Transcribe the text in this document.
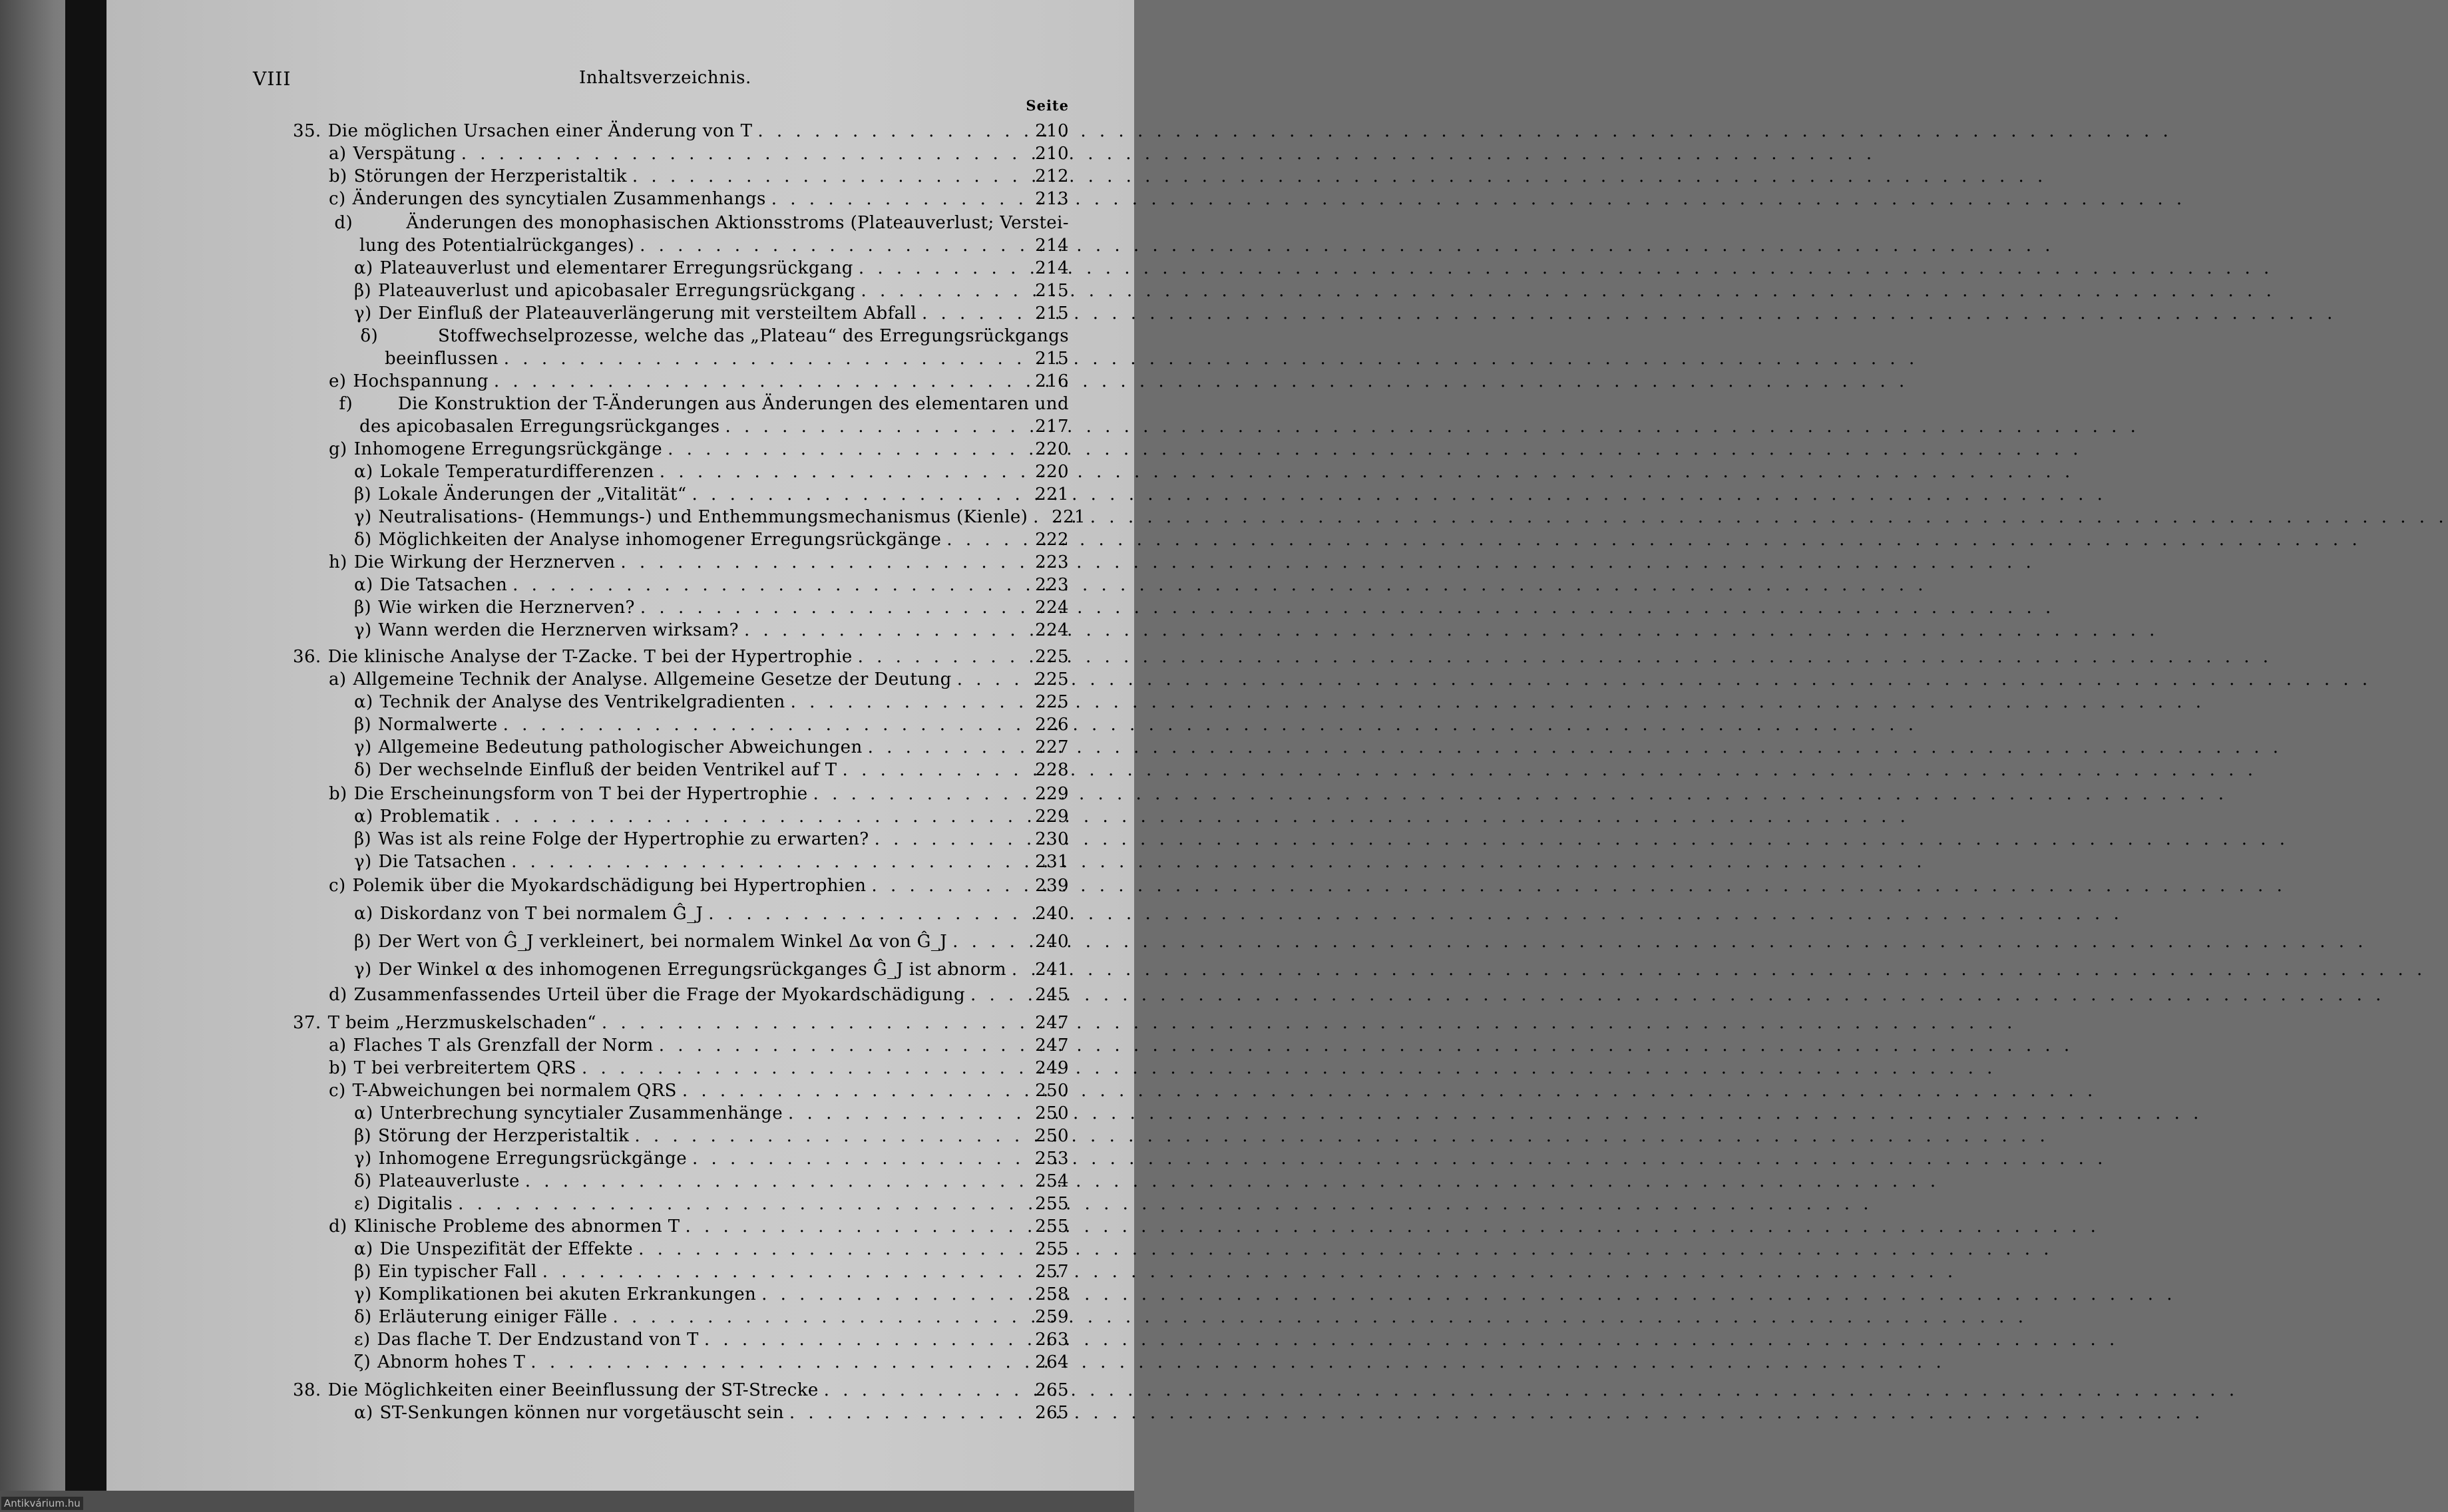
VIII	Inhaltsverzeichnis.
Seite
35. Die möglichen Ursachen einer Änderung von T . . .	210
a) Verspätung . . .	210
b) Störungen der Herzperistaltik . . .	212
c) Änderungen des syncytialen Zusammenhangs . . .	213
d)	Änderungen des monophasischen Aktionsstroms (Plateauverlust; Verstei-
lung des Potentialrückganges) . . .	214
α) Plateauverlust und elementarer Erregungsrückgang . . .	214
β) Plateauverlust und apicobasaler Erregungsrückgang . . .	215
γ) Der Einfluß der Plateauverlängerung mit versteiltem Abfall . . .	215
δ)	Stoffwechselprozesse, welche das „Plateau“ des Erregungsrückgangs
beeinflussen . . .	215
e) Hochspannung . . .	216
f)	Die Konstruktion der T-Änderungen aus Änderungen des elementaren und
des apicobasalen Erregungsrückganges . . .	217
g) Inhomogene Erregungsrückgänge . . .	220
α) Lokale Temperaturdifferenzen . . .	220
β) Lokale Änderungen der „Vitalität“ . . .	221
γ) Neutralisations- (Hemmungs-) und Enthemmungsmechanismus (Kienle) . . . 221
δ) Möglichkeiten der Analyse inhomogener Erregungsrückgänge . . .	222
h) Die Wirkung der Herznerven . . .	223
α) Die Tatsachen . . .	223
β) Wie wirken die Herznerven? . . .	224
γ) Wann werden die Herznerven wirksam? . . .	224
36. Die klinische Analyse der T-Zacke. T bei der Hypertrophie . . .	225
a) Allgemeine Technik der Analyse. Allgemeine Gesetze der Deutung . . .	225
α) Technik der Analyse des Ventrikelgradienten . . .	225
β) Normalwerte . . .	226
γ) Allgemeine Bedeutung pathologischer Abweichungen . . .	227
δ) Der wechselnde Einfluß der beiden Ventrikel auf T . . .	228
b) Die Erscheinungsform von T bei der Hypertrophie . . .	229
α) Problematik . . .	229
β) Was ist als reine Folge der Hypertrophie zu erwarten? . . .	230
γ) Die Tatsachen . . .	231
c) Polemik über die Myokardschädigung bei Hypertrophien . . .	239
α) Diskordanz von T bei normalem Ĝ_J . . .	240
β) Der Wert von Ĝ_J verkleinert, bei normalem Winkel Δα von Ĝ_J . . .	240
γ) Der Winkel α des inhomogenen Erregungsrückganges Ĝ_J ist abnorm . . . 241
d) Zusammenfassendes Urteil über die Frage der Myokardschädigung . . .	245
37. T beim „Herzmuskelschaden“ . . .	247
a) Flaches T als Grenzfall der Norm . . .	247
b) T bei verbreitertem QRS . . .	249
c) T-Abweichungen bei normalem QRS . . .	250
α) Unterbrechung syncytialer Zusammenhänge . . .	250
β) Störung der Herzperistaltik . . .	250
γ) Inhomogene Erregungsrückgänge . . .	253
δ) Plateauverluste . . .	254
ε) Digitalis . . .	255
d) Klinische Probleme des abnormen T . . .	255
α) Die Unspezifität der Effekte . . .	255
β) Ein typischer Fall . . .	257
γ) Komplikationen bei akuten Erkrankungen . . .	258
δ) Erläuterung einiger Fälle . . .	259
ε) Das flache T. Der Endzustand von T . . .	263
ζ) Abnorm hohes T . . .	264
38. Die Möglichkeiten einer Beeinflussung der ST-Strecke . . .	265
α) ST-Senkungen können nur vorgetäuscht sein . . .	265
Antikvárium.hu
